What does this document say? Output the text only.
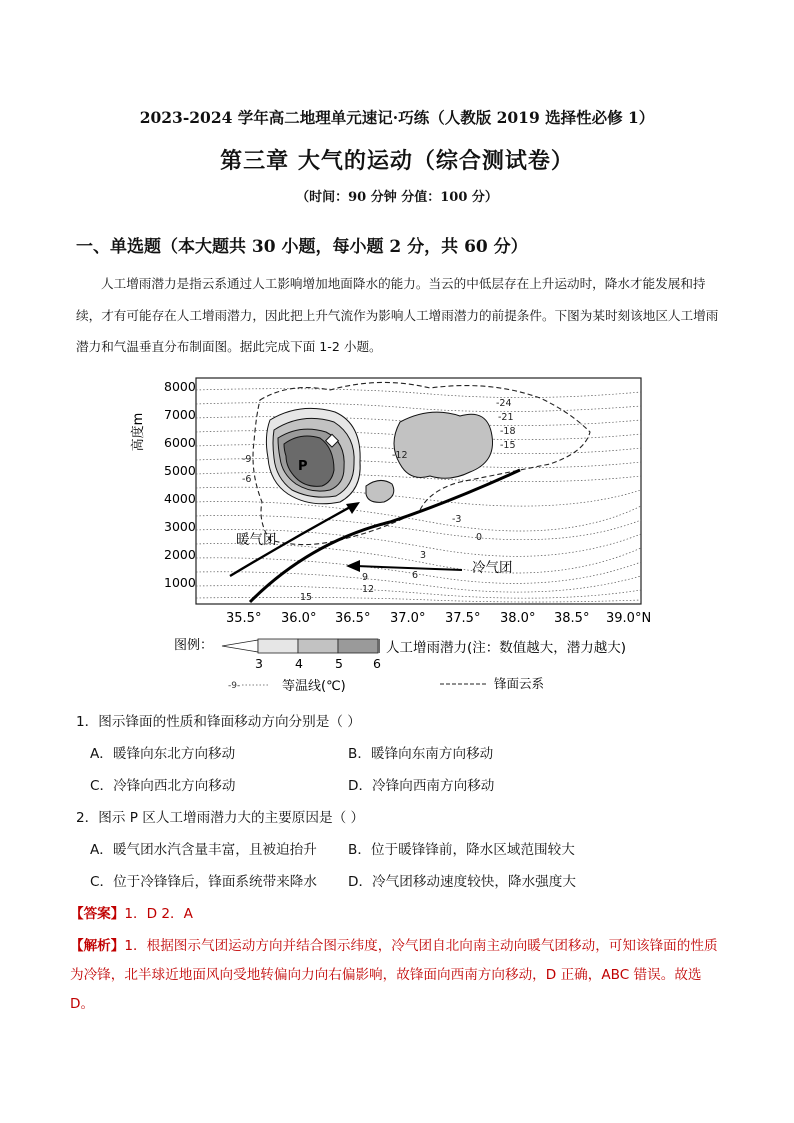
2023-2024 学年高二地理单元速记·巧练（人教版 2019 选择性必修 1）
第三章 大气的运动（综合测试卷）
（时间：90 分钟 分值：100 分）
一、单选题（本大题共 30 小题，每小题 2 分，共 60 分）
人工增雨潜力是指云系通过人工影响增加地面降水的能力。当云的中低层存在上升运动时，降水才能发展和持续，才有可能存在人工增雨潜力，因此把上升气流作为影响人工增雨潜力的前提条件。下图为某时刻该地区人工增雨潜力和气温垂直分布制面图。据此完成下面 1-2 小题。
高度m
8000
7000
6000
5000
4000
3000
2000
1000
P
-24
-21
-18
-15
-12
-9
-6
-3
0
3
6
9
12
15
暖气团
冷气团
35.5° 36.0° 36.5° 37.0° 37.5° 38.0° 38.5° 39.0°N
图例：
3	4	5 6
人工增雨潜力(注：数值越大，潜力越大)
-9-	等温线(℃)	锋面云系
1．图示锋面的性质和锋面移动方向分别是（ ）
A．暖锋向东北方向移动	B．暖锋向东南方向移动
C．冷锋向西北方向移动	D．冷锋向西南方向移动
2．图示 P 区人工增雨潜力大的主要原因是（ ）
A．暖气团水汽含量丰富，且被迫抬升 B．位于暖锋锋前，降水区域范围较大
C．位于冷锋锋后，锋面系统带来降水 D．冷气团移动速度较快，降水强度大
【答案】1．D 2．A
【解析】1．根据图示气团运动方向并结合图示纬度，冷气团自北向南主动向暖气团移动，可知该锋面的性质为冷锋，北半球近地面风向受地转偏向力向右偏影响，故锋面向西南方向移动，D 正确，ABC 错误。故选 D。
